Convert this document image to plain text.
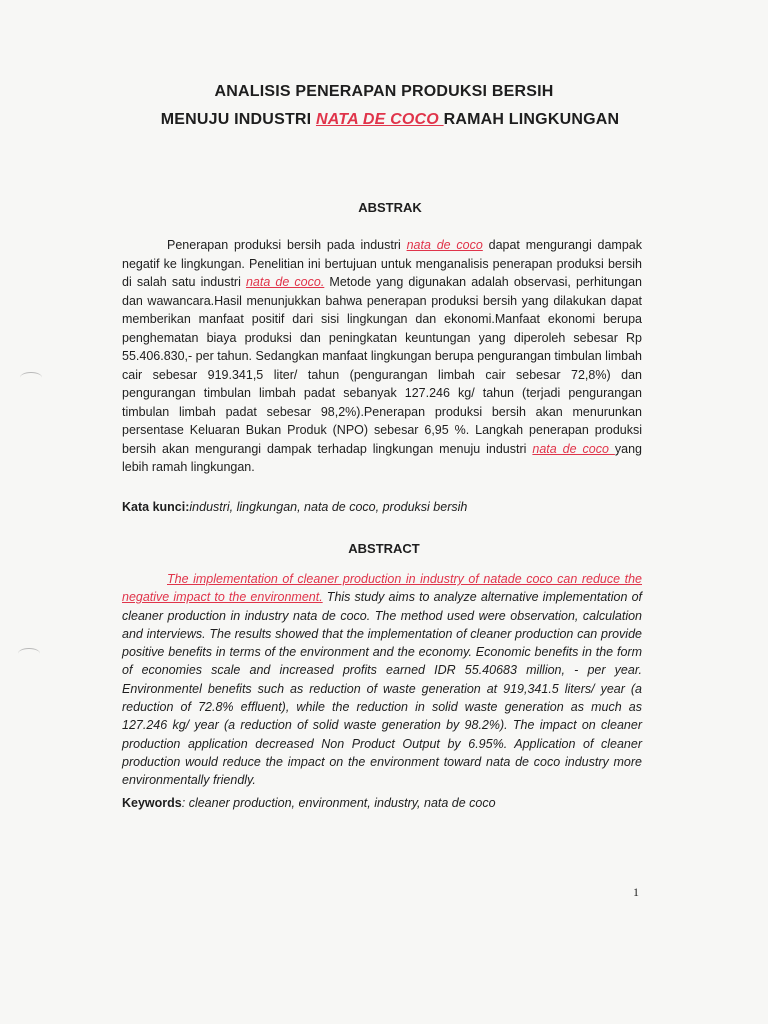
ANALISIS PENERAPAN PRODUKSI BERSIH
MENUJU INDUSTRI NATA DE COCO RAMAH LINGKUNGAN
ABSTRAK
Penerapan produksi bersih pada industri nata de coco dapat mengurangi dampak negatif ke lingkungan. Penelitian ini bertujuan untuk menganalisis penerapan produksi bersih di salah satu industri nata de coco. Metode yang digunakan adalah observasi, perhitungan dan wawancara.Hasil menunjukkan bahwa penerapan produksi bersih yang dilakukan dapat memberikan manfaat positif dari sisi lingkungan dan ekonomi.Manfaat ekonomi berupa penghematan biaya produksi dan peningkatan keuntungan yang diperoleh sebesar Rp 55.406.830,- per tahun. Sedangkan manfaat lingkungan berupa pengurangan timbulan limbah cair sebesar 919.341,5 liter/ tahun (pengurangan limbah cair sebesar 72,8%) dan pengurangan timbulan limbah padat sebanyak 127.246 kg/ tahun (terjadi pengurangan timbulan limbah padat sebesar 98,2%).Penerapan produksi bersih akan menurunkan persentase Keluaran Bukan Produk (NPO) sebesar 6,95 %. Langkah penerapan produksi bersih akan mengurangi dampak terhadap lingkungan menuju industri nata de coco yang lebih ramah lingkungan.
Kata kunci:industri, lingkungan, nata de coco, produksi bersih
ABSTRACT
The implementation of cleaner production in industry of natade coco can reduce the negative impact to the environment. This study aims to analyze alternative implementation of cleaner production in industry nata de coco. The method used were observation, calculation and interviews. The results showed that the implementation of cleaner production can provide positive benefits in terms of the environment and the economy. Economic benefits in the form of economies scale and increased profits earned IDR 55.40683 million, - per year. Environmentel benefits such as reduction of waste generation at 919,341.5 liters/ year (a reduction of 72.8% effluent), while the reduction in solid waste generation as much as 127.246 kg/ year (a reduction of solid waste generation by 98.2%). The impact on cleaner production application decreased Non Product Output by 6.95%. Application of cleaner production would reduce the impact on the environment toward nata de coco industry more environmentally friendly.
Keywords: cleaner production, environment, industry, nata de coco
1
